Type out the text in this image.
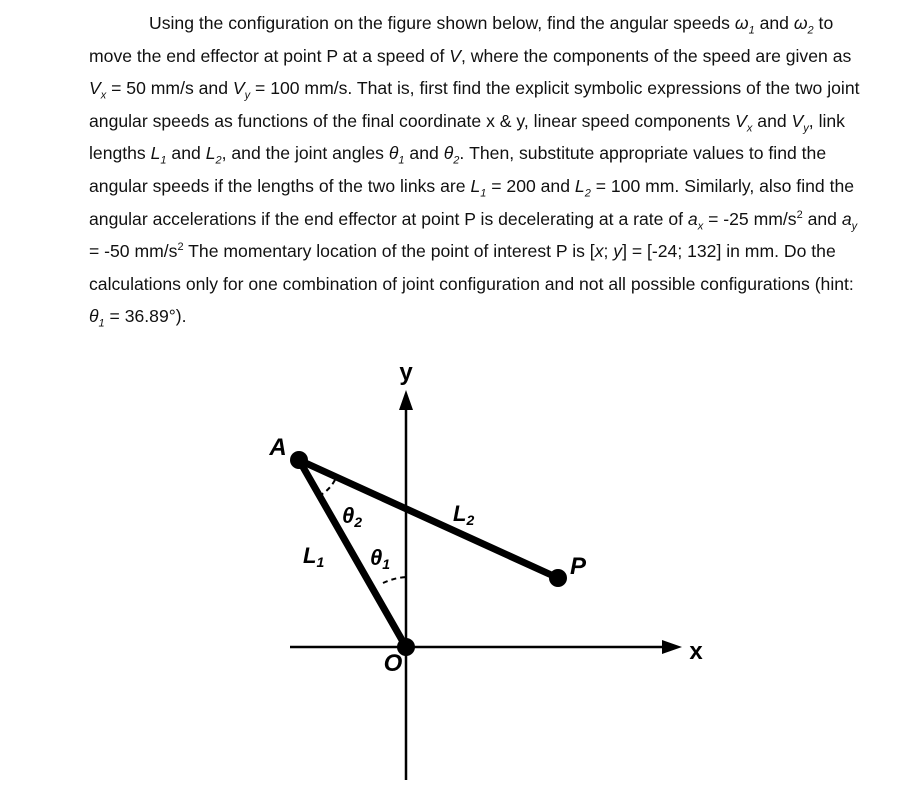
Using the configuration on the figure shown below, find the angular speeds $\omega_1$ and $\omega_2$ to move the end effector at point P at a speed of V, where the components of the speed are given as $V_x = 50$ mm/s and $V_y = 100$ mm/s. That is, first find the explicit symbolic expressions of the two joint angular speeds as functions of the final coordinate x & y, linear speed components $V_x$ and $V_y$, link lengths $L_1$ and $L_2$, and the joint angles $\theta_1$ and $\theta_2$. Then, substitute appropriate values to find the angular speeds if the lengths of the two links are $L_1 = 200$ and $L_2 = 100$ mm. Similarly, also find the angular accelerations if the end effector at point P is decelerating at a rate of $a_x = -25$ $mm/s^2$ and $a_y = -50$ $mm/s^2$ The momentary location of the point of interest P is [x; y] = [-24; 132] in mm. Do the calculations only for one combination of joint configuration and not all possible configurations (hint: $\theta_1 = 36.89^\circ$).

y
x
A
O
P
L1
L2
θ1
θ2
